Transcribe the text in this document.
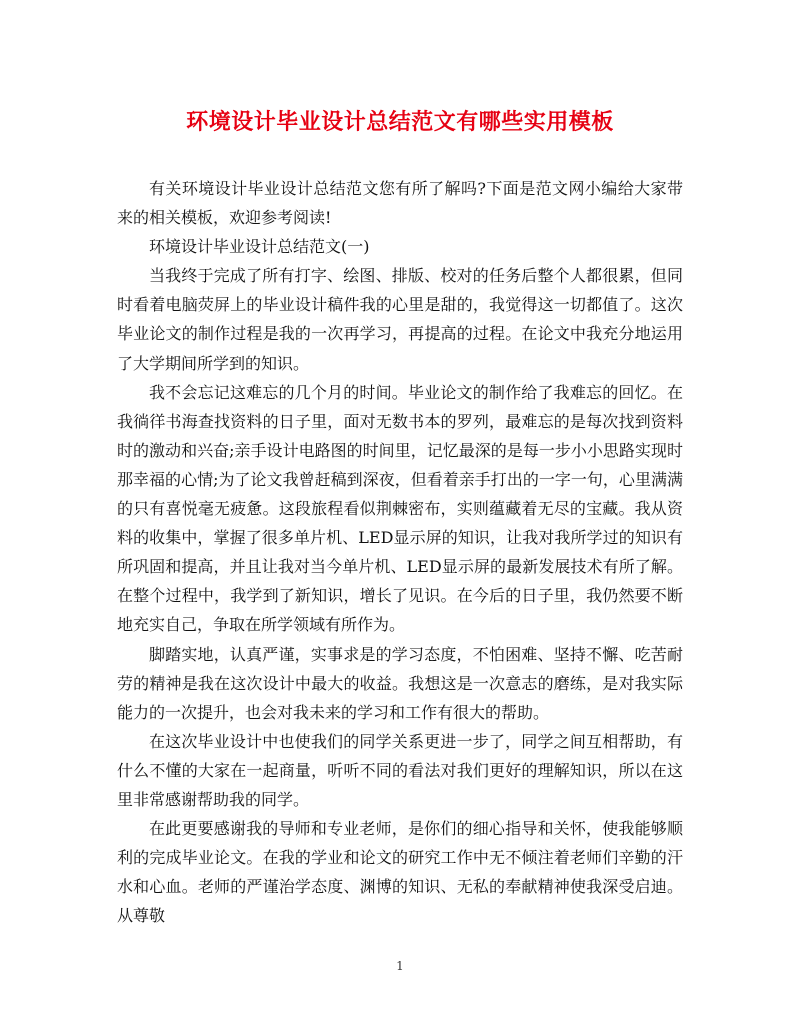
环境设计毕业设计总结范文有哪些实用模板

有关环境设计毕业设计总结范文您有所了解吗?下面是范文网小编给大家带来的相关模板，欢迎参考阅读!

环境设计毕业设计总结范文(一)

当我终于完成了所有打字、绘图、排版、校对的任务后整个人都很累，但同时看着电脑荧屏上的毕业设计稿件我的心里是甜的，我觉得这一切都值了。这次毕业论文的制作过程是我的一次再学习，再提高的过程。在论文中我充分地运用了大学期间所学到的知识。

我不会忘记这难忘的几个月的时间。毕业论文的制作给了我难忘的回忆。在我徜徉书海查找资料的日子里，面对无数书本的罗列，最难忘的是每次找到资料时的激动和兴奋;亲手设计电路图的时间里，记忆最深的是每一步小小思路实现时那幸福的心情;为了论文我曾赶稿到深夜，但看着亲手打出的一字一句，心里满满的只有喜悦毫无疲惫。这段旅程看似荆棘密布，实则蕴藏着无尽的宝藏。我从资料的收集中，掌握了很多单片机、LED显示屏的知识，让我对我所学过的知识有所巩固和提高，并且让我对当今单片机、LED显示屏的最新发展技术有所了解。在整个过程中，我学到了新知识，增长了见识。在今后的日子里，我仍然要不断地充实自己，争取在所学领域有所作为。

脚踏实地，认真严谨，实事求是的学习态度，不怕困难、坚持不懈、吃苦耐劳的精神是我在这次设计中最大的收益。我想这是一次意志的磨练，是对我实际能力的一次提升，也会对我未来的学习和工作有很大的帮助。

在这次毕业设计中也使我们的同学关系更进一步了，同学之间互相帮助，有什么不懂的大家在一起商量，听听不同的看法对我们更好的理解知识，所以在这里非常感谢帮助我的同学。

在此更要感谢我的导师和专业老师，是你们的细心指导和关怀，使我能够顺利的完成毕业论文。在我的学业和论文的研究工作中无不倾注着老师们辛勤的汗水和心血。老师的严谨治学态度、渊博的知识、无私的奉献精神使我深受启迪。从尊敬

1
